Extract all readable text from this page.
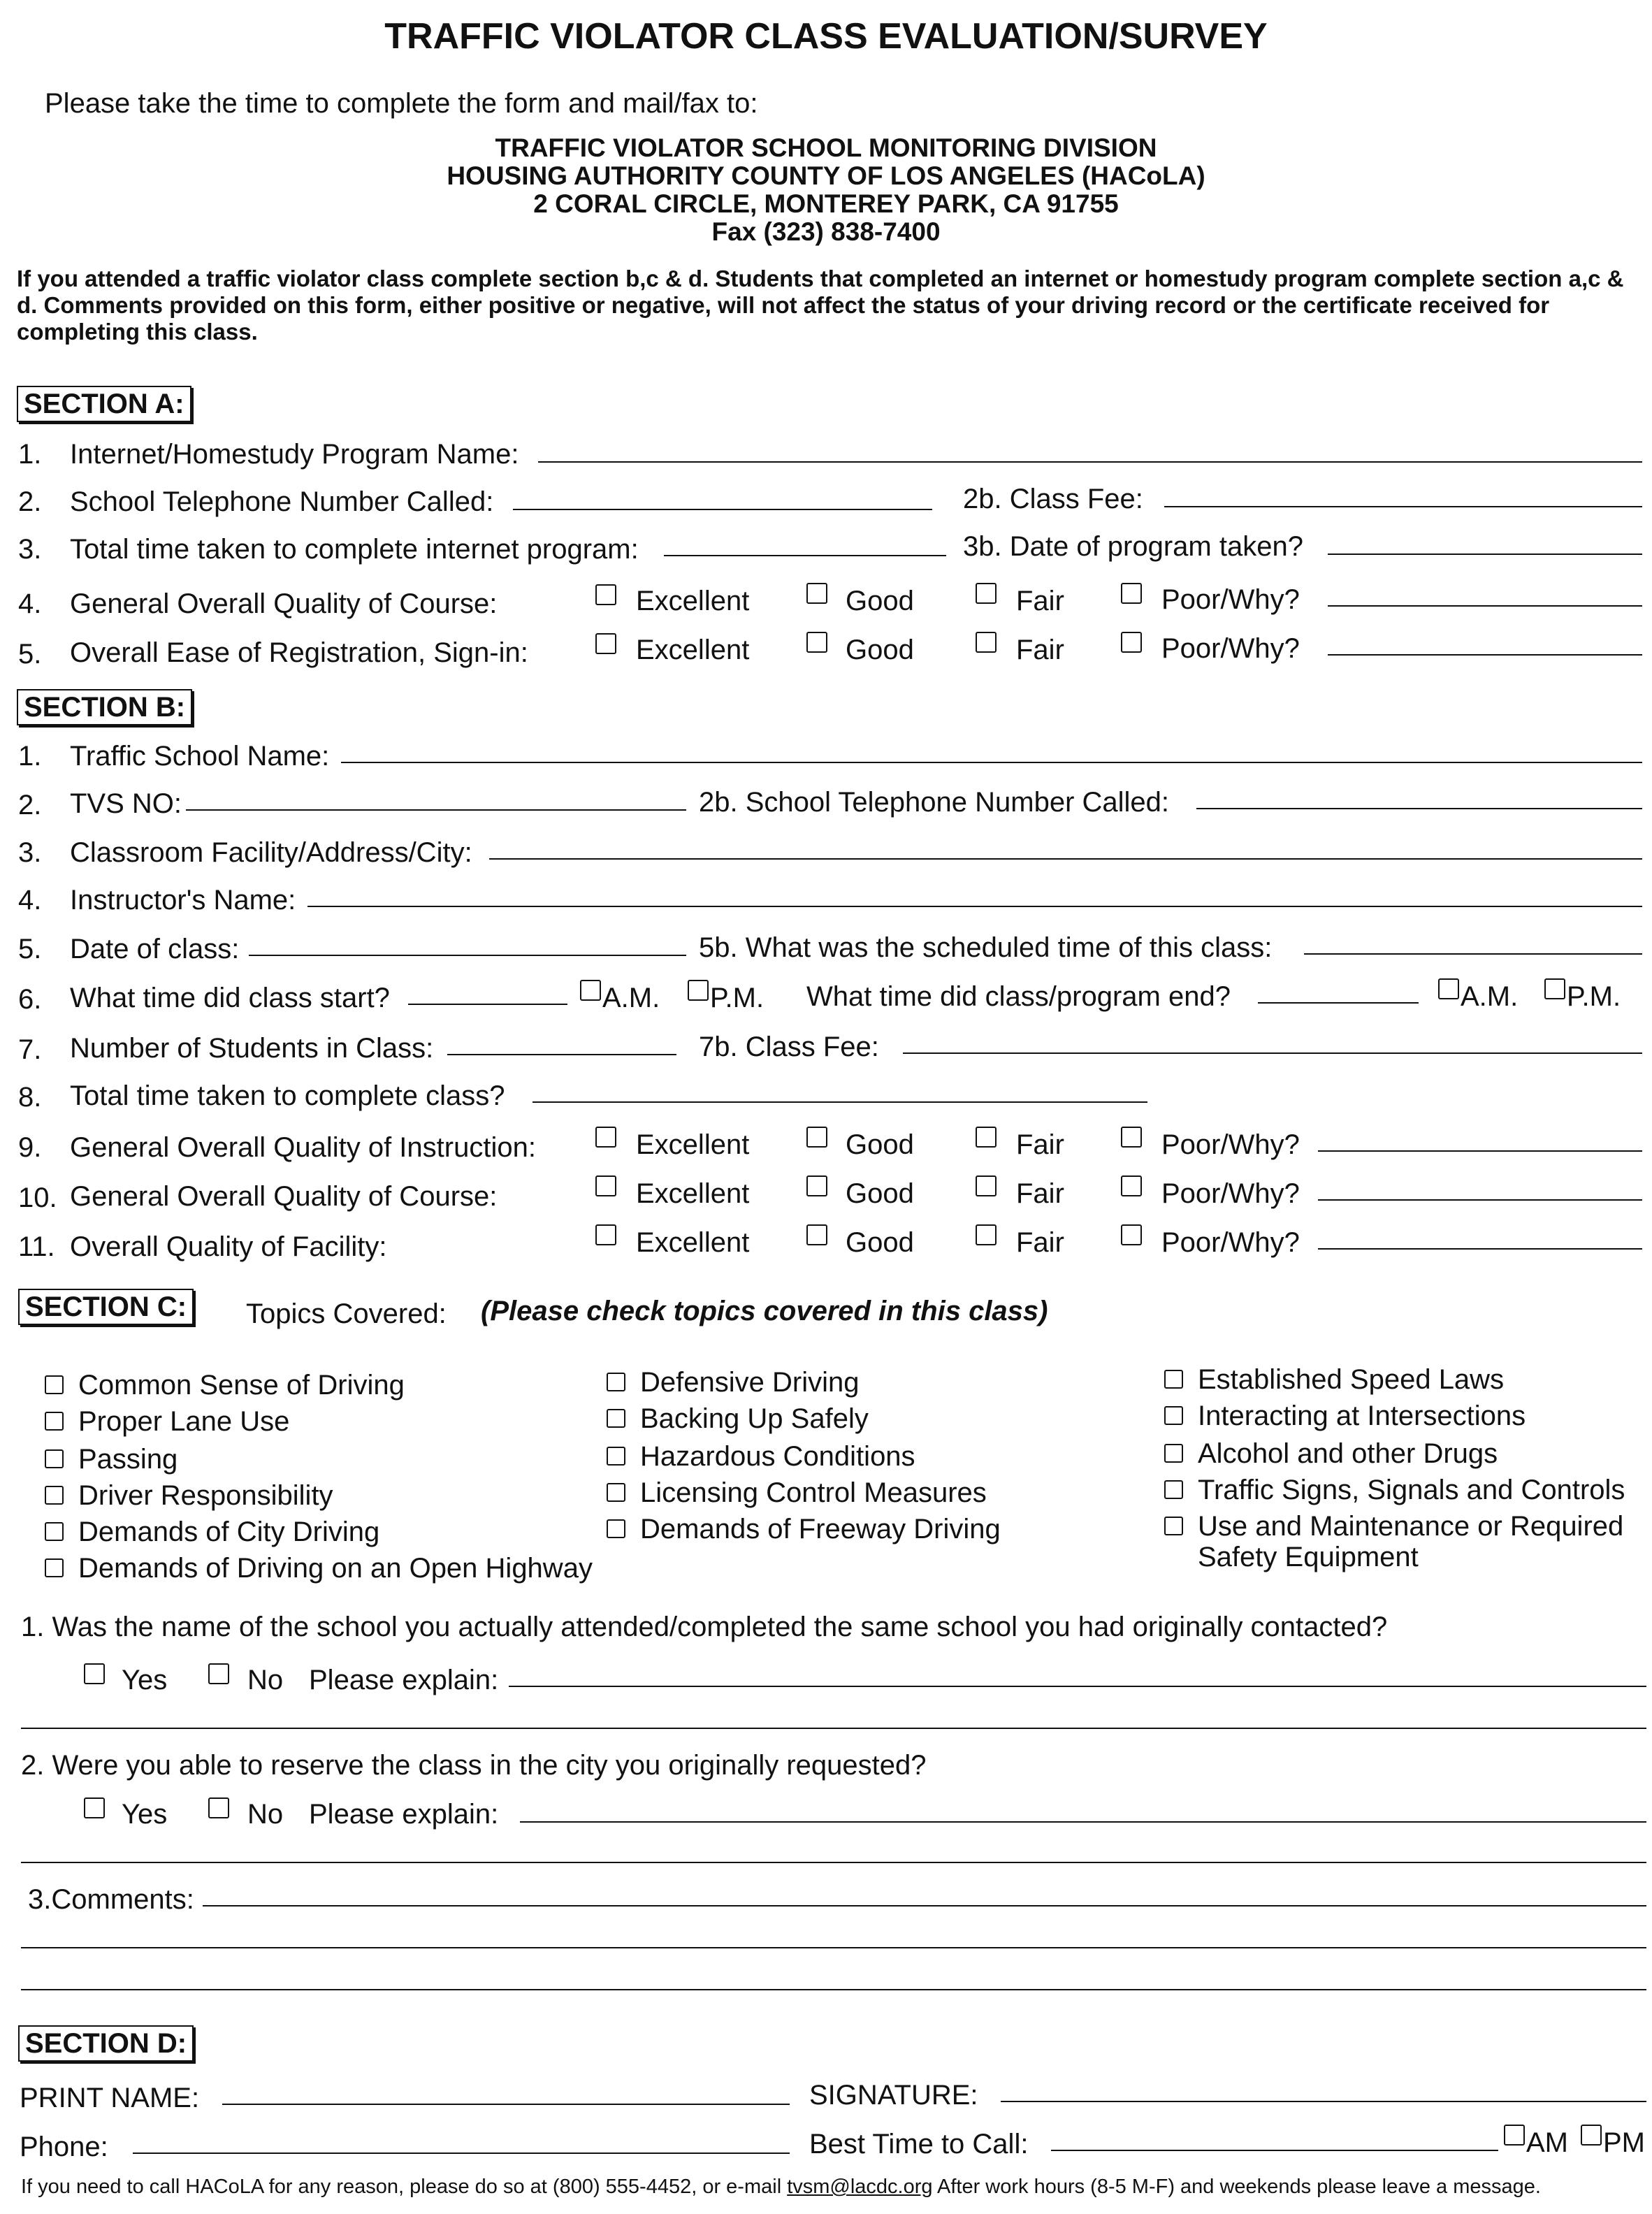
TRAFFIC VIOLATOR CLASS EVALUATION/SURVEY
Please take the time to complete the form and mail/fax to:
TRAFFIC VIOLATOR SCHOOL MONITORING DIVISION
HOUSING AUTHORITY COUNTY OF LOS ANGELES (HACoLA)
2 CORAL CIRCLE, MONTEREY PARK, CA 91755
Fax (323) 838-7400
If you attended a traffic violator class complete section b,c & d. Students that completed an internet or homestudy program complete section a,c & d. Comments provided on this form, either positive or negative, will not affect the status of your driving record or the certificate received for completing this class.
SECTION A:
1. Internet/Homestudy Program Name:
2. School Telephone Number Called:	2b. Class Fee:
3. Total time taken to complete internet program:	3b. Date of program taken?
4. General Overall Quality of Course:	Excellent	Good	Fair	Poor/Why?
5. Overall Ease of Registration, Sign-in:	Excellent	Good	Fair	Poor/Why?
SECTION B:
1. Traffic School Name:
2. TVS NO:	2b. School Telephone Number Called:
3. Classroom Facility/Address/City:
4. Instructor's Name:
5. Date of class:	5b. What was the scheduled time of this class:
6. What time did class start?	A.M. P.M. What time did class/program end?	A.M. P.M.
7. Number of Students in Class:	7b. Class Fee:
8. Total time taken to complete class?
9. General Overall Quality of Instruction:	Excellent	Good	Fair	Poor/Why?
10. General Overall Quality of Course:	Excellent	Good	Fair	Poor/Why?
11. Overall Quality of Facility:	Excellent	Good	Fair	Poor/Why?
SECTION C: Topics Covered: (Please check topics covered in this class)
Common Sense of Driving
Proper Lane Use
Passing
Driver Responsibility
Demands of City Driving
Demands of Driving on an Open Highway
Defensive Driving
Backing Up Safely
Hazardous Conditions
Licensing Control Measures
Demands of Freeway Driving
Established Speed Laws
Interacting at Intersections
Alcohol and other Drugs
Traffic Signs, Signals and Controls
Use and Maintenance or Required
Safety Equipment
1. Was the name of the school you actually attended/completed the same school you had originally contacted?
Yes	No Please explain:
2. Were you able to reserve the class in the city you originally requested?
Yes	No Please explain:
3.Comments:
SECTION D:
PRINT NAME:	SIGNATURE:
Phone:	Best Time to Call:	AM PM
If you need to call HACoLA for any reason, please do so at (800) 555-4452, or e-mail tvsm@lacdc.org After work hours (8-5 M-F) and weekends please leave a message.
